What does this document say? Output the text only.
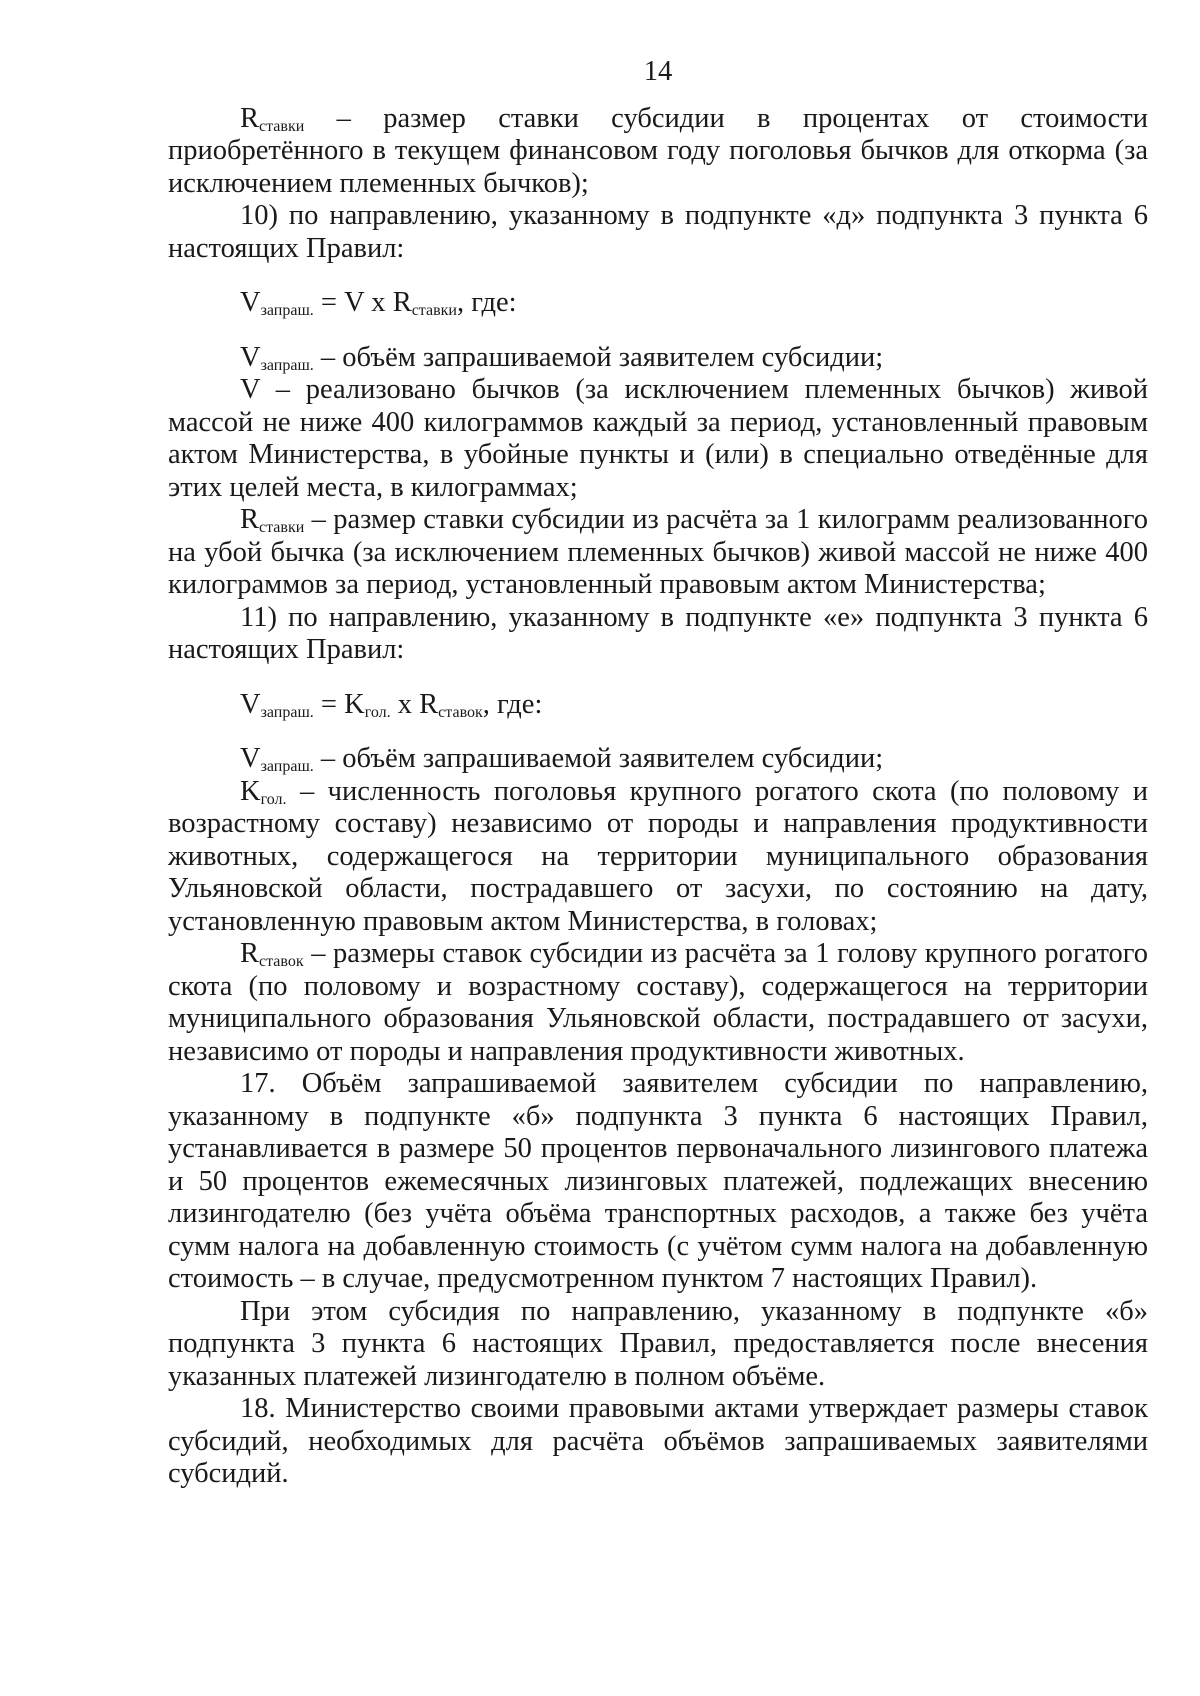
14

$R_{ставки}$ – размер ставки субсидии в процентах от стоимости приобретённого в текущем финансовом году поголовья бычков для откорма (за исключением племенных бычков);

10) по направлению, указанному в подпункте «д» подпункта 3 пункта 6 настоящих Правил:

$V_{запраш.} = V$ x $R_{ставки}$, где:

$V_{запраш.}$ – объём запрашиваемой заявителем субсидии;

V – реализовано бычков (за исключением племенных бычков) живой массой не ниже 400 килограммов каждый за период, установленный правовым актом Министерства, в убойные пункты и (или) в специально отведённые для этих целей места, в килограммах;

$R_{ставки}$ – размер ставки субсидии из расчёта за 1 килограмм реализованного на убой бычка (за исключением племенных бычков) живой массой не ниже 400 килограммов за период, установленный правовым актом Министерства;

11) по направлению, указанному в подпункте «е» подпункта 3 пункта 6 настоящих Правил:

$V_{запраш.} = K_{гол.}$ x $R_{ставок}$, где:

$V_{запраш.}$ – объём запрашиваемой заявителем субсидии;

$K_{гол.}$ – численность поголовья крупного рогатого скота (по половому и возрастному составу) независимо от породы и направления продуктивности животных, содержащегося на территории муниципального образования Ульяновской области, пострадавшего от засухи, по состоянию на дату, установленную правовым актом Министерства, в головах;

$R_{ставок}$ – размеры ставок субсидии из расчёта за 1 голову крупного рогатого скота (по половому и возрастному составу), содержащегося на территории муниципального образования Ульяновской области, пострадавшего от засухи, независимо от породы и направления продуктивности животных.

17. Объём запрашиваемой заявителем субсидии по направлению, указанному в подпункте «б» подпункта 3 пункта 6 настоящих Правил, устанавливается в размере 50 процентов первоначального лизингового платежа и 50 процентов ежемесячных лизинговых платежей, подлежащих внесению лизингодателю (без учёта объёма транспортных расходов, а также без учёта сумм налога на добавленную стоимость (с учётом сумм налога на добавленную стоимость – в случае, предусмотренном пунктом 7 настоящих Правил).

При этом субсидия по направлению, указанному в подпункте «б» подпункта 3 пункта 6 настоящих Правил, предоставляется после внесения указанных платежей лизингодателю в полном объёме.

18. Министерство своими правовыми актами утверждает размеры ставок субсидий, необходимых для расчёта объёмов запрашиваемых заявителями субсидий.
